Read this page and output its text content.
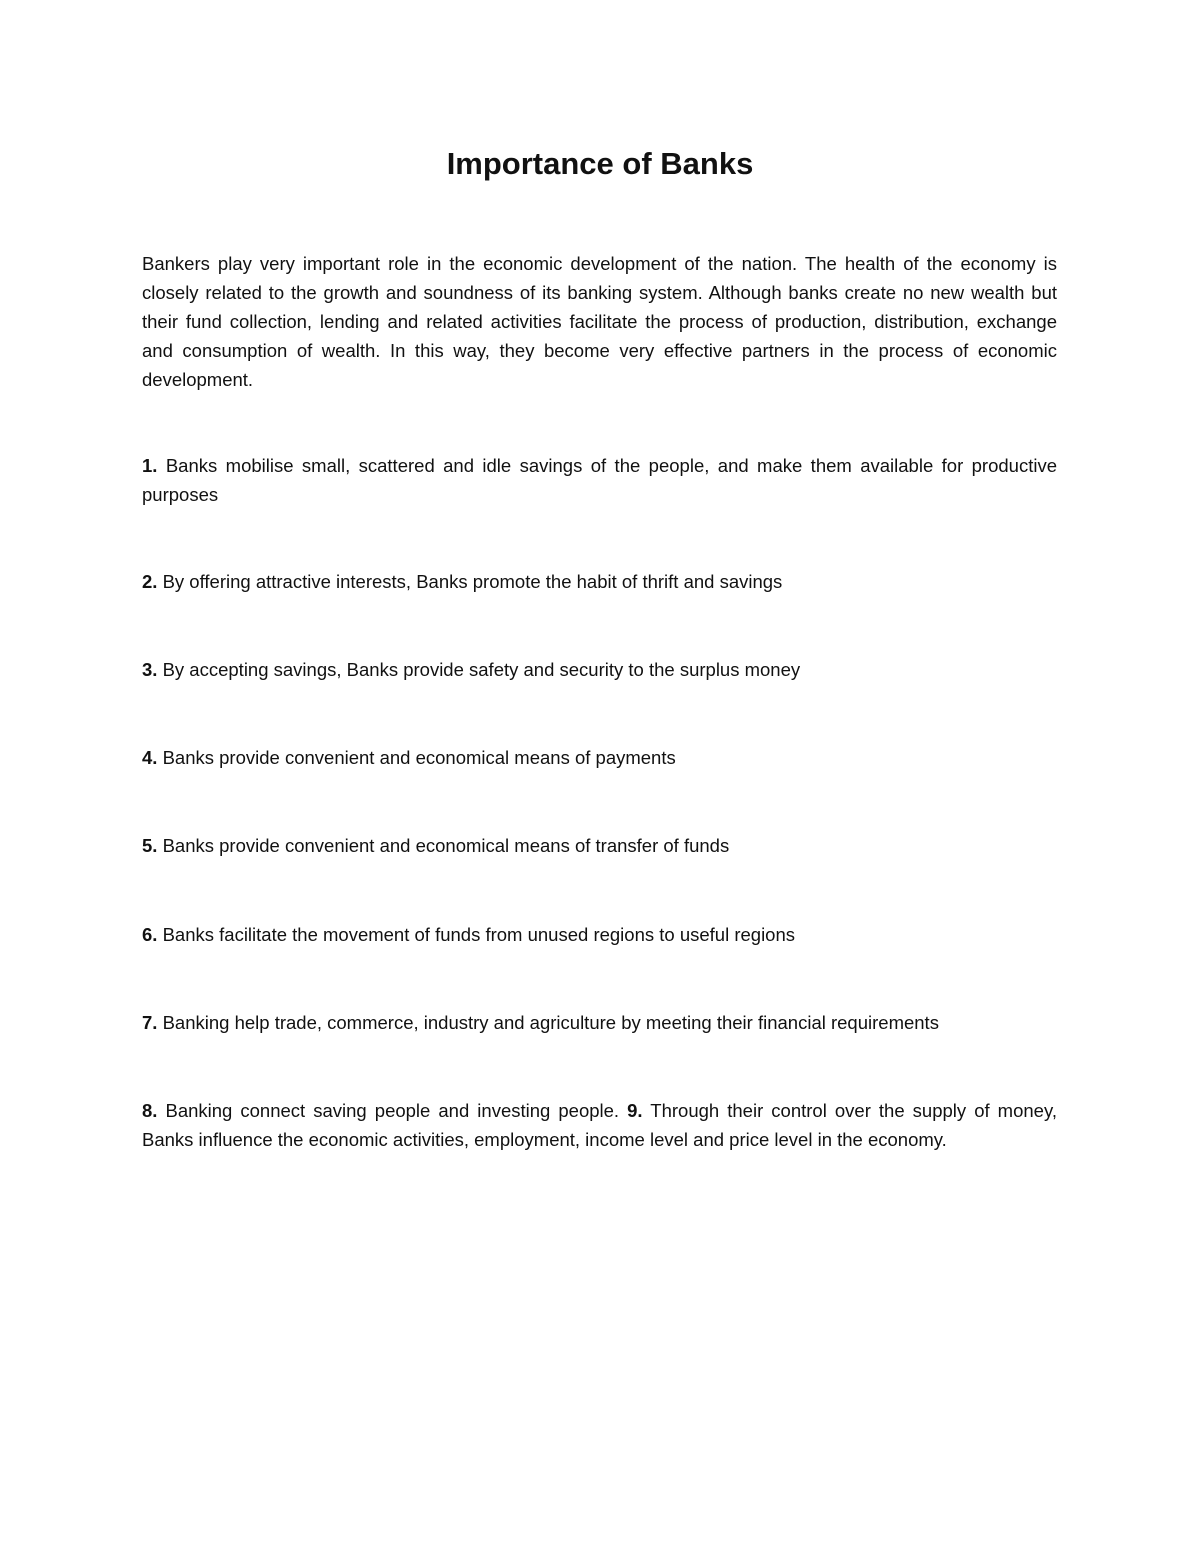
Importance of Banks

Bankers play very important role in the economic development of the nation. The health of the economy is closely related to the growth and soundness of its banking system. Although banks create no new wealth but their fund collection, lending and related activities facilitate the process of production, distribution, exchange and consumption of wealth. In this way, they become very effective partners in the process of economic development.

1. Banks mobilise small, scattered and idle savings of the people, and make them available for productive purposes

2. By offering attractive interests, Banks promote the habit of thrift and savings

3. By accepting savings, Banks provide safety and security to the surplus money

4. Banks provide convenient and economical means of payments

5. Banks provide convenient and economical means of transfer of funds

6. Banks facilitate the movement of funds from unused regions to useful regions

7. Banking help trade, commerce, industry and agriculture by meeting their financial requirements

8. Banking connect saving people and investing people. 9. Through their control over the supply of money, Banks influence the economic activities, employment, income level and price level in the economy.
